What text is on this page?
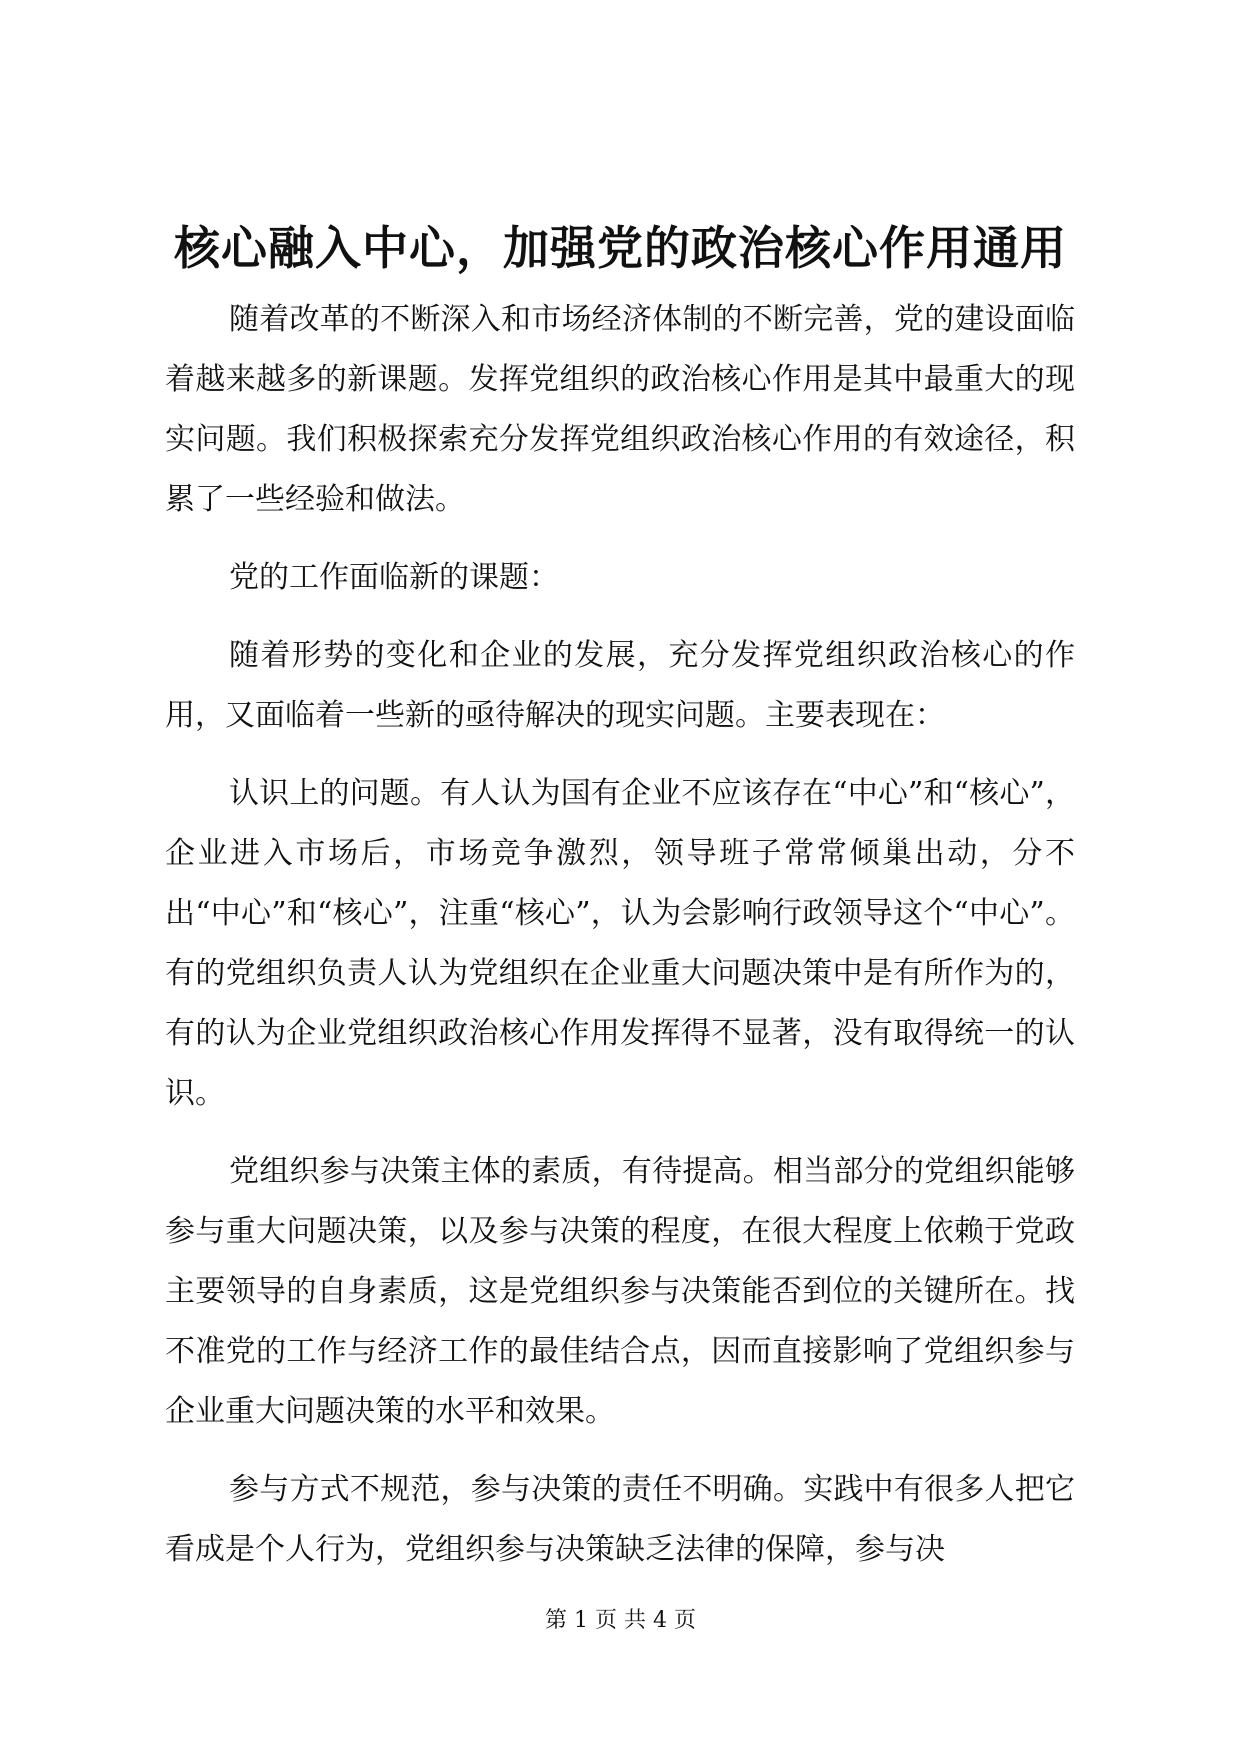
核心融入中心，加强党的政治核心作用通用

随着改革的不断深入和市场经济体制的不断完善，党的建设面临着越来越多的新课题。发挥党组织的政治核心作用是其中最重大的现实问题。我们积极探索充分发挥党组织政治核心作用的有效途径，积累了一些经验和做法。

党的工作面临新的课题：

随着形势的变化和企业的发展，充分发挥党组织政治核心的作用，又面临着一些新的亟待解决的现实问题。主要表现在：

认识上的问题。有人认为国有企业不应该存在“中心”和“核心”，企业进入市场后，市场竞争激烈，领导班子常常倾巢出动，分不出“中心”和“核心”，注重“核心”，认为会影响行政领导这个“中心”。有的党组织负责人认为党组织在企业重大问题决策中是有所作为的，有的认为企业党组织政治核心作用发挥得不显著，没有取得统一的认识。

党组织参与决策主体的素质，有待提高。相当部分的党组织能够参与重大问题决策，以及参与决策的程度，在很大程度上依赖于党政主要领导的自身素质，这是党组织参与决策能否到位的关键所在。找不准党的工作与经济工作的最佳结合点，因而直接影响了党组织参与企业重大问题决策的水平和效果。

参与方式不规范，参与决策的责任不明确。实践中有很多人把它看成是个人行为，党组织参与决策缺乏法律的保障，参与决

第 1 页 共 4 页
